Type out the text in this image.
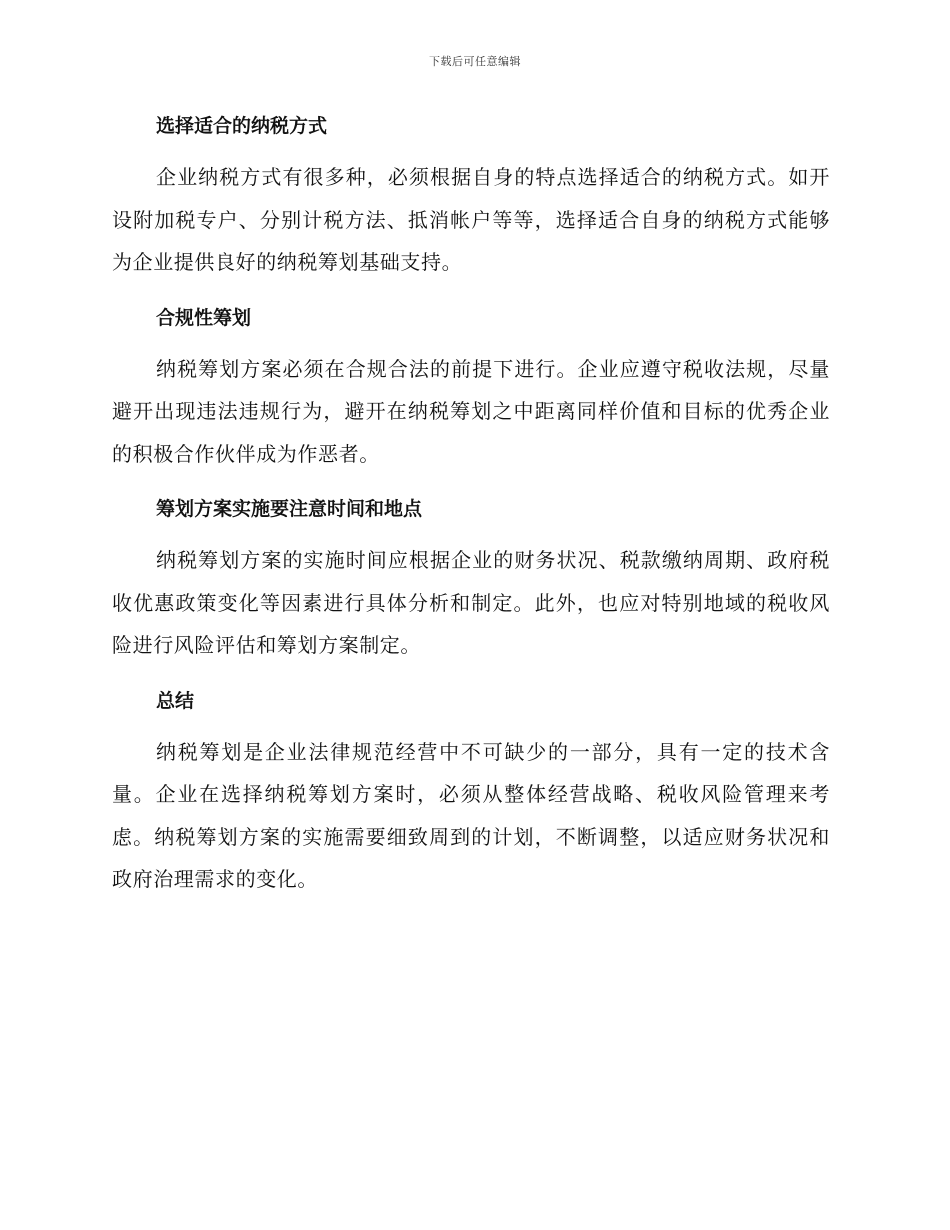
下载后可任意编辑
选择适合的纳税方式

企业纳税方式有很多种，必须根据自身的特点选择适合的纳税方式。如开设附加税专户、分别计税方法、抵消帐户等等，选择适合自身的纳税方式能够为企业提供良好的纳税筹划基础支持。

合规性筹划

纳税筹划方案必须在合规合法的前提下进行。企业应遵守税收法规，尽量避开出现违法违规行为，避开在纳税筹划之中距离同样价值和目标的优秀企业的积极合作伙伴成为作恶者。

筹划方案实施要注意时间和地点

纳税筹划方案的实施时间应根据企业的财务状况、税款缴纳周期、政府税收优惠政策变化等因素进行具体分析和制定。此外，也应对特别地域的税收风险进行风险评估和筹划方案制定。

总结

纳税筹划是企业法律规范经营中不可缺少的一部分，具有一定的技术含量。企业在选择纳税筹划方案时，必须从整体经营战略、税收风险管理来考虑。纳税筹划方案的实施需要细致周到的计划，不断调整，以适应财务状况和政府治理需求的变化。
